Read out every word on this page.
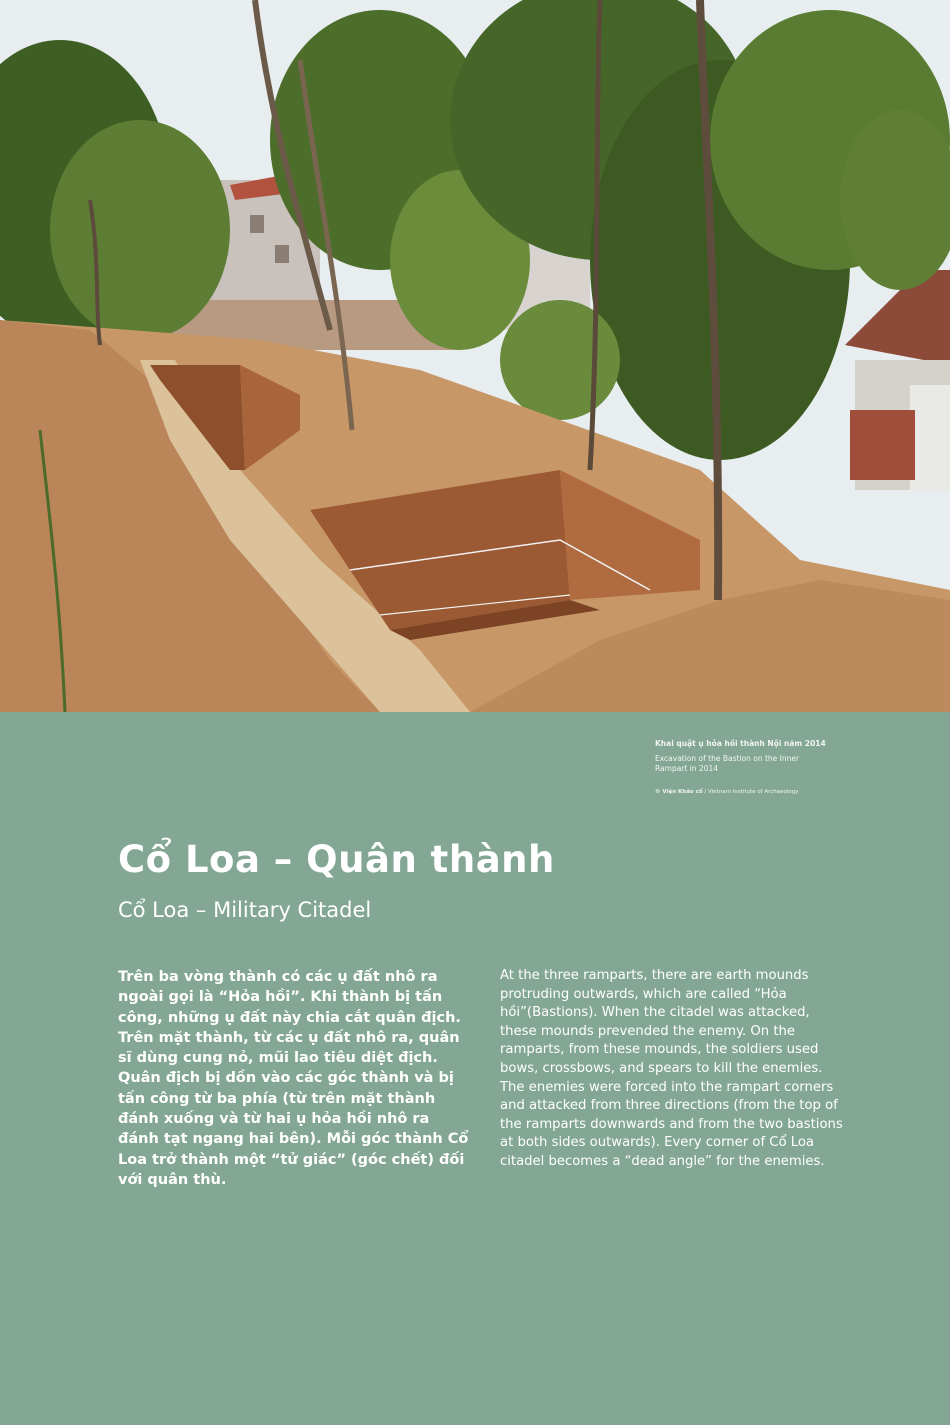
Khai quật ụ hỏa hồi thành Nội năm 2014

Excavation of the Bastion on the Inner Rampart in 2014

© Viện Khảo cổ / Vietnam Institute of Archaeology
Cổ Loa – Quân thành
Cổ Loa – Military Citadel

Trên ba vòng thành có các ụ đất nhô ra ngoài gọi là “Hỏa hồi”. Khi thành bị tấn công, những ụ đất này chia cắt quân địch. Trên mặt thành, từ các ụ đất nhô ra, quân sĩ dùng cung nỏ, mũi lao tiêu diệt địch. Quân địch bị dồn vào các góc thành và bị tấn công từ ba phía (từ trên mặt thành đánh xuống và từ hai ụ hỏa hồi nhô ra đánh tạt ngang hai bên). Mỗi góc thành Cổ Loa trở thành một “tử giác” (góc chết) đối với quân thù.

At the three ramparts, there are earth mounds protruding outwards, which are called “Hỏa hồi”(Bastions). When the citadel was attacked, these mounds prevended the enemy. On the ramparts, from these mounds, the soldiers used bows, crossbows, and spears to kill the enemies. The enemies were forced into the rampart corners and attacked from three directions (from the top of the ramparts downwards and from the two bastions at both sides outwards). Every corner of Cổ Loa citadel becomes a “dead angle” for the enemies.
